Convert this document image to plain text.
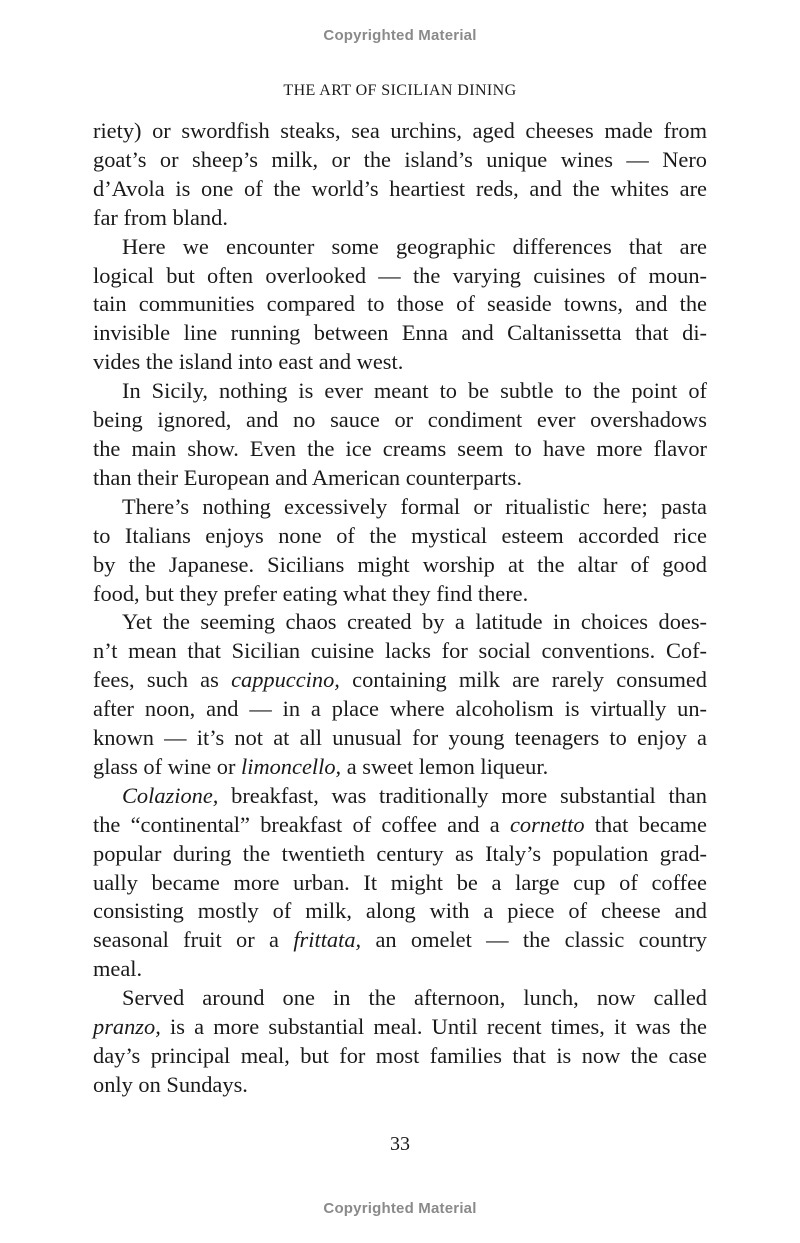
Copyrighted Material
THE ART OF SICILIAN DINING
riety) or swordfish steaks, sea urchins, aged cheeses made from
goat’s or sheep’s milk, or the island’s unique wines — Nero
d’Avola is one of the world’s heartiest reds, and the whites are
far from bland.
Here we encounter some geographic differences that are
logical but often overlooked — the varying cuisines of moun-
tain communities compared to those of seaside towns, and the
invisible line running between Enna and Caltanissetta that di-
vides the island into east and west.
In Sicily, nothing is ever meant to be subtle to the point of
being ignored, and no sauce or condiment ever overshadows
the main show. Even the ice creams seem to have more flavor
than their European and American counterparts.
There’s nothing excessively formal or ritualistic here; pasta
to Italians enjoys none of the mystical esteem accorded rice
by the Japanese. Sicilians might worship at the altar of good
food, but they prefer eating what they find there.
Yet the seeming chaos created by a latitude in choices does-
n’t mean that Sicilian cuisine lacks for social conventions. Cof-
fees, such as cappuccino, containing milk are rarely consumed
after noon, and — in a place where alcoholism is virtually un-
known — it’s not at all unusual for young teenagers to enjoy a
glass of wine or limoncello, a sweet lemon liqueur.
Colazione, breakfast, was traditionally more substantial than
the “continental” breakfast of coffee and a cornetto that became
popular during the twentieth century as Italy’s population grad-
ually became more urban. It might be a large cup of coffee
consisting mostly of milk, along with a piece of cheese and
seasonal fruit or a frittata, an omelet — the classic country
meal.
Served around one in the afternoon, lunch, now called
pranzo, is a more substantial meal. Until recent times, it was the
day’s principal meal, but for most families that is now the case
only on Sundays.
33
Copyrighted Material
